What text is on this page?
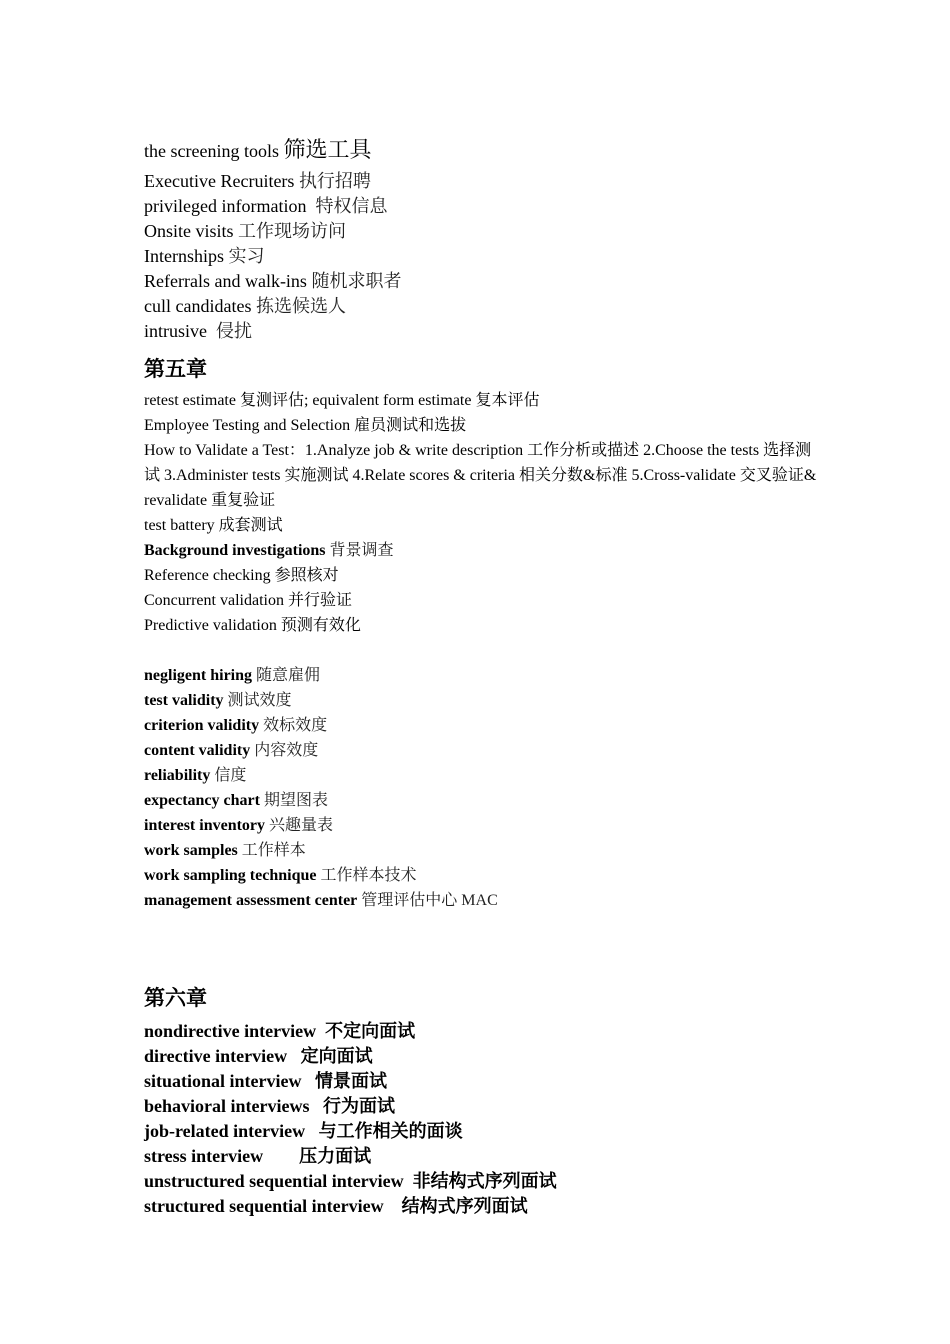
the screening tools 筛选工具
Executive Recruiters 执行招聘
privileged information  特权信息
Onsite visits 工作现场访问
Internships 实习
Referrals and walk-ins 随机求职者
cull candidates 拣选候选人
intrusive  侵扰
第五章
retest estimate 复测评估; equivalent form estimate 复本评估
Employee Testing and Selection 雇员测试和选拔
How to Validate a Test：1.Analyze job & write description 工作分析或描述 2.Choose the tests 选择测试 3.Administer tests 实施测试 4.Relate scores & criteria 相关分数&标准 5.Cross-validate 交叉验证& revalidate 重复验证
test battery 成套测试
Background investigations 背景调查
Reference checking 参照核对
Concurrent validation 并行验证
Predictive validation 预测有效化
negligent hiring 随意雇佣
test validity 测试效度
criterion validity 效标效度
content validity 内容效度
reliability 信度
expectancy chart 期望图表
interest inventory 兴趣量表
work samples 工作样本
work sampling technique 工作样本技术
management assessment center 管理评估中心 MAC
第六章
nondirective interview  不定向面试
directive interview   定向面试
situational interview   情景面试
behavioral interviews   行为面试
job-related interview   与工作相关的面谈
stress interview        压力面试
unstructured sequential interview  非结构式序列面试
structured sequential interview    结构式序列面试
